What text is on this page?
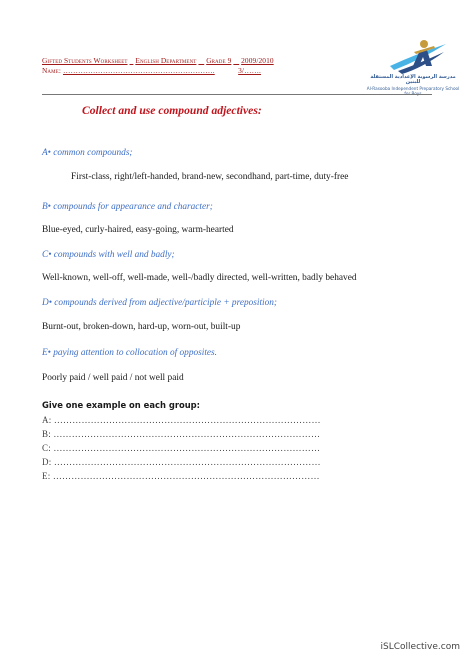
Gifted Students Worksheet English Department Grade 9 2009/2010
Name: …………………………………………………….	3/…….
مدرسة الرسوبة الإعدادية المستقلة للبنين
Al-Rasooba Independent Preparatory School for Boys
Collect and use compound adjectives:
A• common compounds;
First-class, right/left-handed, brand-new, secondhand, part-time, duty-free
B• compounds for appearance and character;
Blue-eyed, curly-haired, easy-going, warm-hearted
C• compounds with well and badly;
Well-known, well-off, well-made, well-/badly directed, well-written, badly behaved
D• compounds derived from adjective/participle + preposition;
Burnt-out, broken-down, hard-up, worn-out, built-up
E• paying attention to collocation of opposites.
Poorly paid / well paid / not well paid
Give one example on each group:
A: ……………………………………………………………………………
B: ……………………………………………………………………………
C: ……………………………………………………………………………
D: ……………………………………………………………………………
E: ……………………………………………………………………………
iSLCollective.com
